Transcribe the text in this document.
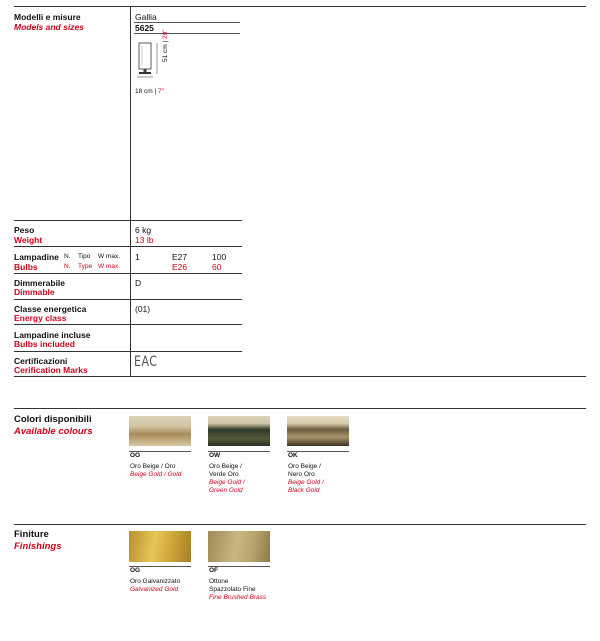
Modelli e misure
Models and sizes
Gallia
5625
51 cm | 20"
18 cm | 7"
Peso
Weight
6 kg
13 lb
Lampadine
Bulbs
N. Tipo W max.
N. Type W max.
1	E27
E26
100
60
Dimmerabile
Dimmable
D
Classe energetica
Energy class
(01)
Lampadine incluse
Bulbs included
Certificazioni
Cerification Marks
EAC
Colori disponibili
Available colours
OO
Oro Beige / Oro
Beige Gold / Gold
OW
Oro Beige /
Verde Oro
Beige Gold /
Green Gold
OK
Oro Beige /
Nero Oro
Beige Gold /
Black Gold
Finiture
Finishings
OG
Oro Galvanizzato
Galvanized Gold
OF
Ottone
Spazzolato Fine
Fine Brushed Brass
